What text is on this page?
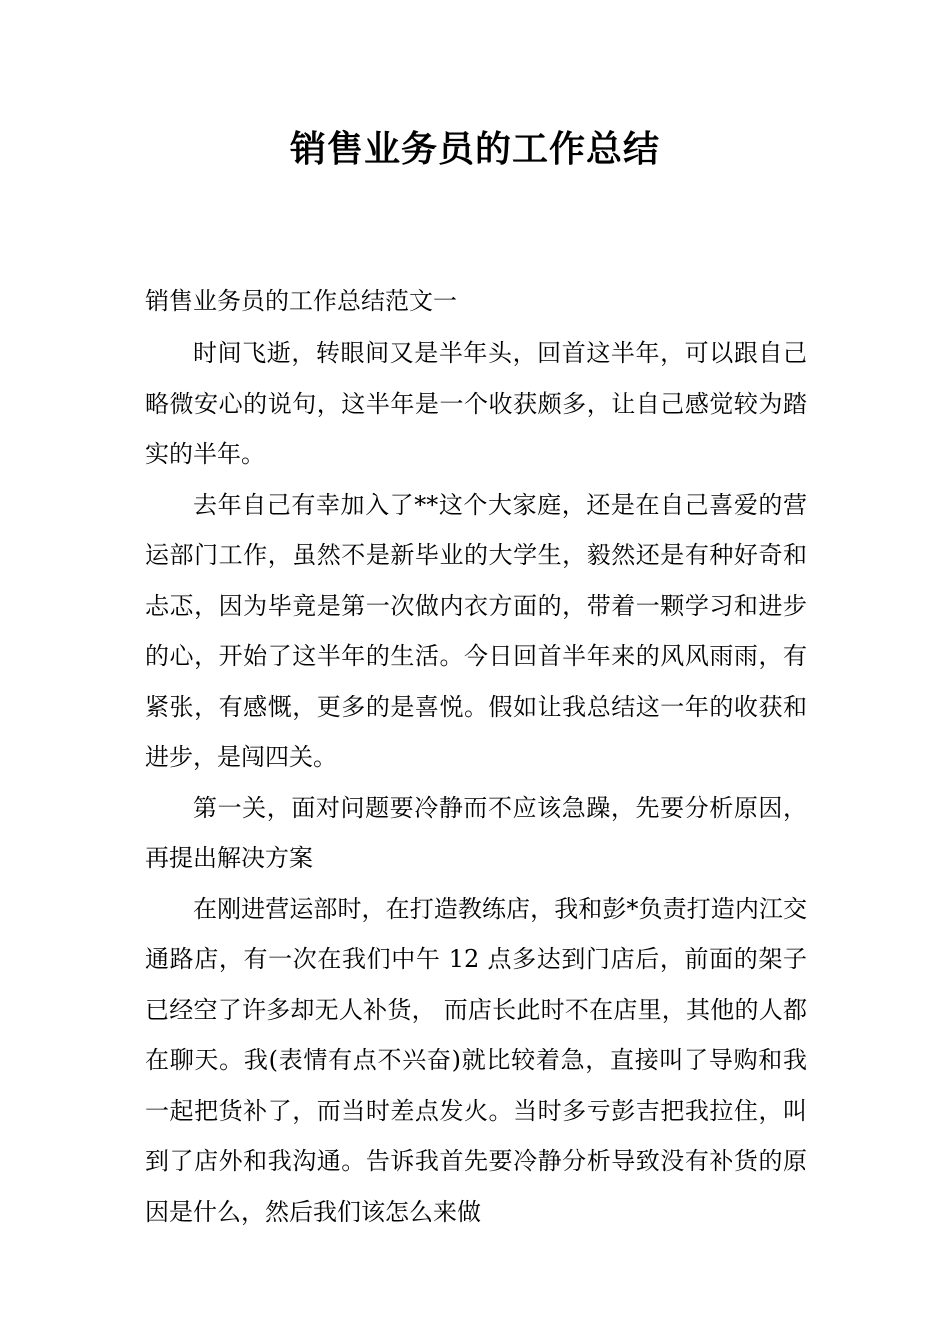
销售业务员的工作总结
销售业务员的工作总结范文一

时间飞逝，转眼间又是半年头，回首这半年，可以跟自己略微安心的说句，这半年是一个收获颇多，让自己感觉较为踏实的半年。

去年自己有幸加入了**这个大家庭，还是在自己喜爱的营运部门工作，虽然不是新毕业的大学生，毅然还是有种好奇和忐忑，因为毕竟是第一次做内衣方面的，带着一颗学习和进步的心，开始了这半年的生活。今日回首半年来的风风雨雨，有紧张，有感慨，更多的是喜悦。假如让我总结这一年的收获和进步，是闯四关。

第一关，面对问题要冷静而不应该急躁，先要分析原因，再提出解决方案

在刚进营运部时，在打造教练店，我和彭*负责打造内江交通路店，有一次在我们中午 12 点多达到门店后，前面的架子已经空了许多却无人补货， 而店长此时不在店里，其他的人都在聊天。我(表情有点不兴奋)就比较着急，直接叫了导购和我一起把货补了，而当时差点发火。当时多亏彭吉把我拉住，叫到了店外和我沟通。告诉我首先要冷静分析导致没有补货的原因是什么，然后我们该怎么来做
